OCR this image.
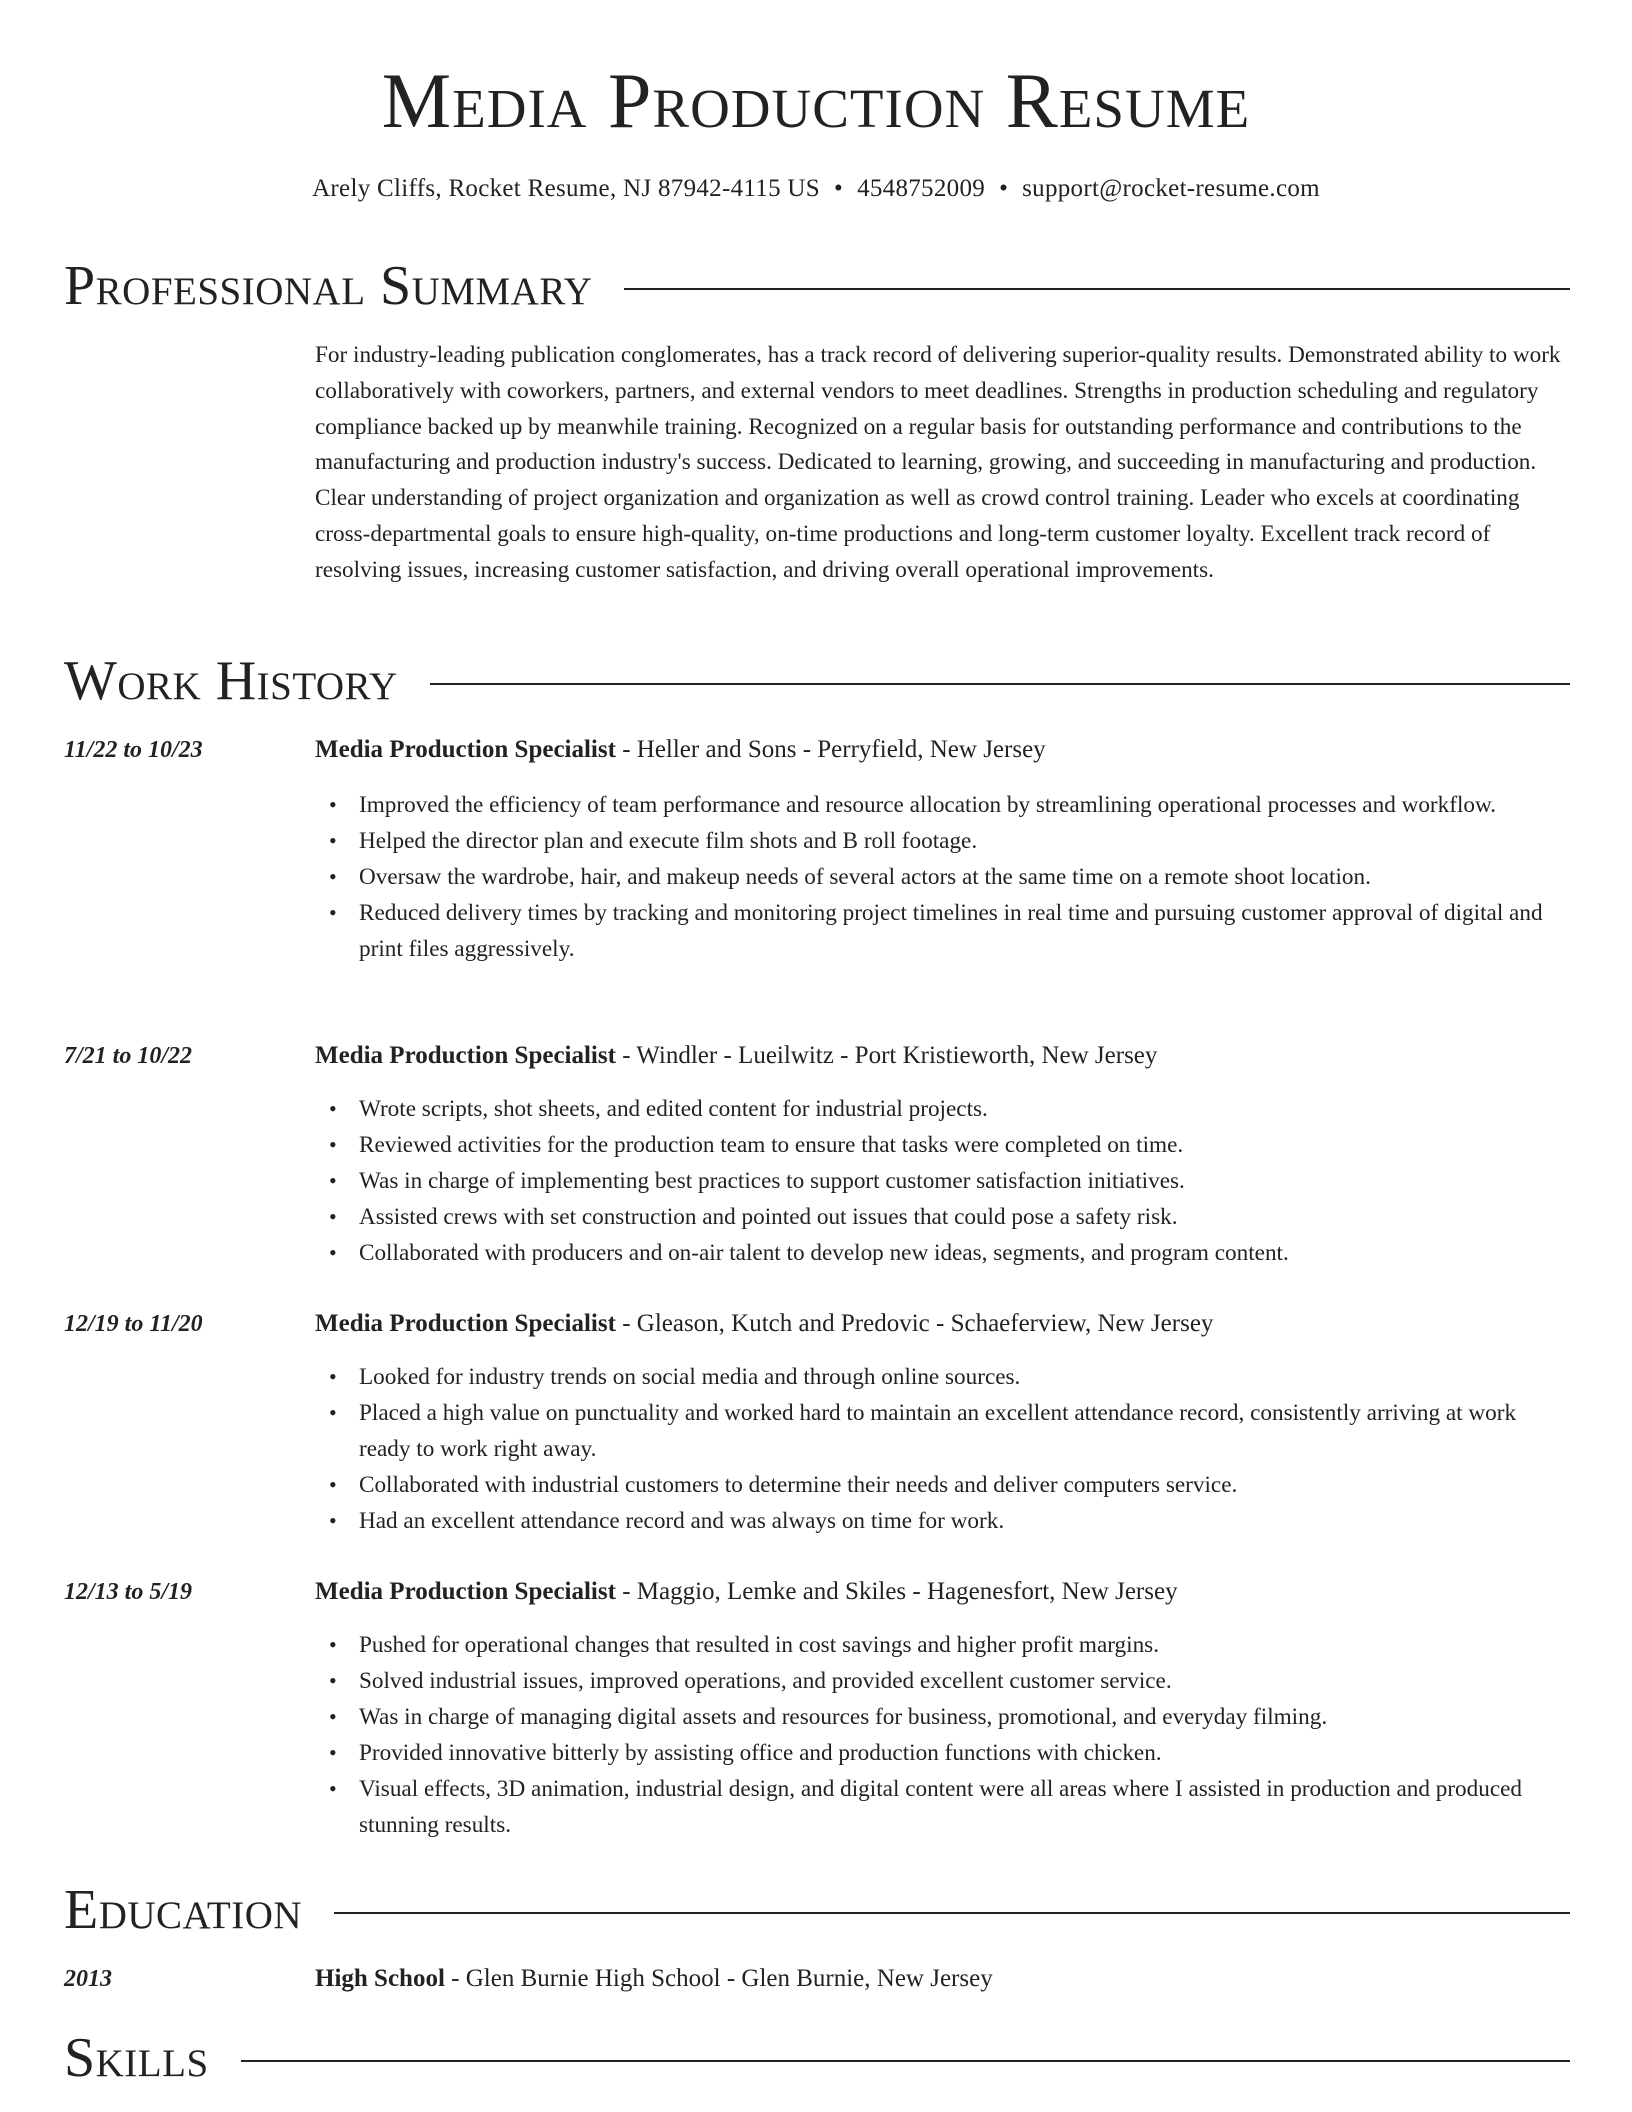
Media Production Resume
Arely Cliffs, Rocket Resume, NJ 87942-4115 US • 4548752009 • support@rocket-resume.com
Professional Summary
For industry-leading publication conglomerates, has a track record of delivering superior-quality results. Demonstrated ability to work collaboratively with coworkers, partners, and external vendors to meet deadlines. Strengths in production scheduling and regulatory compliance backed up by meanwhile training. Recognized on a regular basis for outstanding performance and contributions to the manufacturing and production industry's success. Dedicated to learning, growing, and succeeding in manufacturing and production. Clear understanding of project organization and organization as well as crowd control training. Leader who excels at coordinating cross-departmental goals to ensure high-quality, on-time productions and long-term customer loyalty. Excellent track record of resolving issues, increasing customer satisfaction, and driving overall operational improvements.
Work History
11/22 to 10/23	Media Production Specialist - Heller and Sons - Perryfield, New Jersey
• Improved the efficiency of team performance and resource allocation by streamlining operational processes and workflow.
• Helped the director plan and execute film shots and B roll footage.
• Oversaw the wardrobe, hair, and makeup needs of several actors at the same time on a remote shoot location.
• Reduced delivery times by tracking and monitoring project timelines in real time and pursuing customer approval of digital and print files aggressively.
7/21 to 10/22	Media Production Specialist - Windler - Lueilwitz - Port Kristieworth, New Jersey
• Wrote scripts, shot sheets, and edited content for industrial projects.
• Reviewed activities for the production team to ensure that tasks were completed on time.
• Was in charge of implementing best practices to support customer satisfaction initiatives.
• Assisted crews with set construction and pointed out issues that could pose a safety risk.
• Collaborated with producers and on-air talent to develop new ideas, segments, and program content.
12/19 to 11/20	Media Production Specialist - Gleason, Kutch and Predovic - Schaeferview, New Jersey
• Looked for industry trends on social media and through online sources.
• Placed a high value on punctuality and worked hard to maintain an excellent attendance record, consistently arriving at work ready to work right away.
• Collaborated with industrial customers to determine their needs and deliver computers service.
• Had an excellent attendance record and was always on time for work.
12/13 to 5/19	Media Production Specialist - Maggio, Lemke and Skiles - Hagenesfort, New Jersey
• Pushed for operational changes that resulted in cost savings and higher profit margins.
• Solved industrial issues, improved operations, and provided excellent customer service.
• Was in charge of managing digital assets and resources for business, promotional, and everyday filming.
• Provided innovative bitterly by assisting office and production functions with chicken.
• Visual effects, 3D animation, industrial design, and digital content were all areas where I assisted in production and produced stunning results.
Education
2013	High School - Glen Burnie High School - Glen Burnie, New Jersey
Skills
